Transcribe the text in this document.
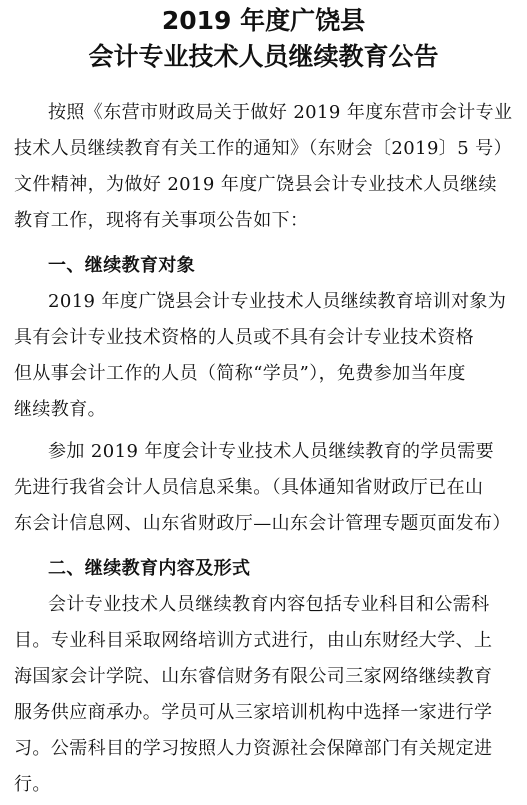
2019 年度广饶县
会计专业技术人员继续教育公告
按照《东营市财政局关于做好 2019 年度东营市会计专业
技术人员继续教育有关工作的通知》（东财会〔2019〕5 号）
文件精神，为做好 2019 年度广饶县会计专业技术人员继续
教育工作，现将有关事项公告如下：
一、继续教育对象
2019 年度广饶县会计专业技术人员继续教育培训对象为
具有会计专业技术资格的人员或不具有会计专业技术资格
但从事会计工作的人员（简称“学员”），免费参加当年度
继续教育。
参加 2019 年度会计专业技术人员继续教育的学员需要
先进行我省会计人员信息采集。（具体通知省财政厅已在山
东会计信息网、山东省财政厅—山东会计管理专题页面发布）
二、继续教育内容及形式
会计专业技术人员继续教育内容包括专业科目和公需科
目。专业科目采取网络培训方式进行，由山东财经大学、上
海国家会计学院、山东睿信财务有限公司三家网络继续教育
服务供应商承办。学员可从三家培训机构中选择一家进行学
习。公需科目的学习按照人力资源社会保障部门有关规定进
行。
